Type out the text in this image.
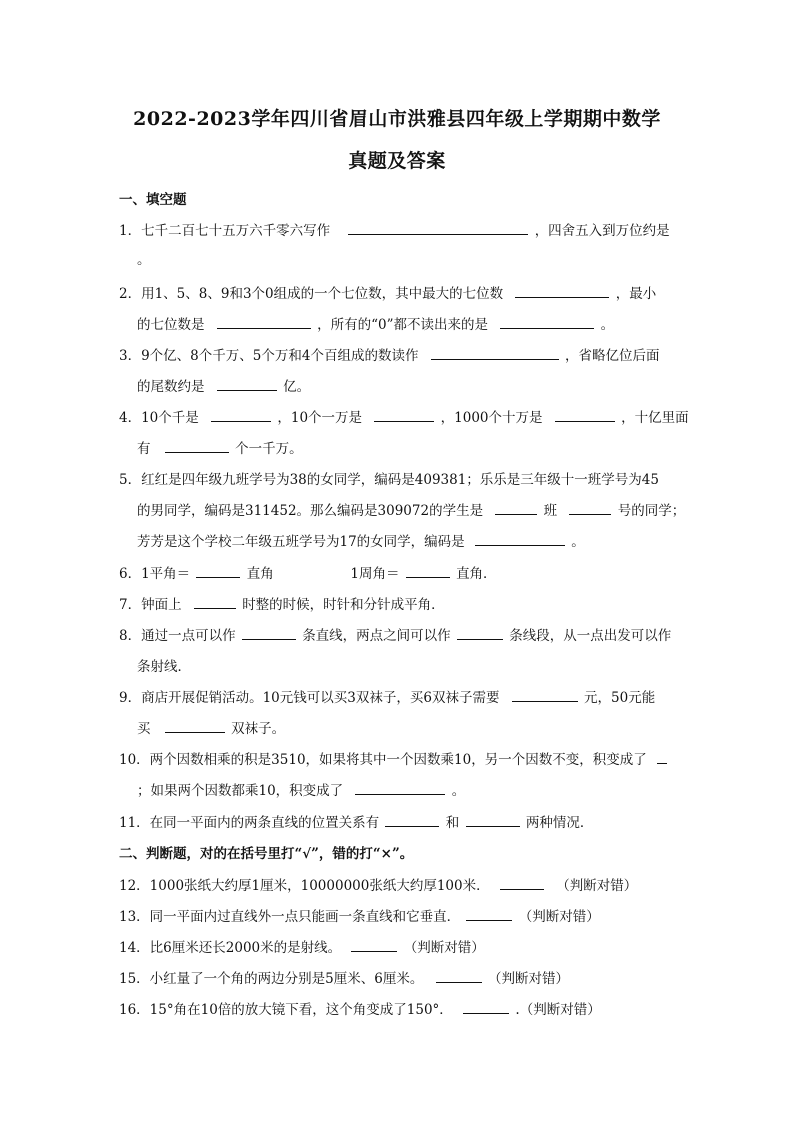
2022-2023学年四川省眉山市洪雅县四年级上学期期中数学
真题及答案
一、填空题
1．七千二百七十五万六千零六写作	，四舍五入到万位约是
。
2．用1、5、8、9和3个0组成的一个七位数，其中最大的七位数	，最小
的七位数是	，所有的“0”都不读出来的是	。
3．9个亿、8个千万、5个万和4个百组成的数读作	，省略亿位后面
的尾数约是	亿。
4．10个千是	，10个一万是	，1000个十万是	，十亿里面
有	个一千万。
5．红红是四年级九班学号为38的女同学，编码是409381；乐乐是三年级十一班学号为45
的男同学，编码是311452。那么编码是309072的学生是	班	号的同学；
芳芳是这个学校二年级五班学号为17的女同学，编码是	。
6．1平角＝	直角	1周角＝	直角．
7．钟面上	时整的时候，时针和分针成平角．
8．通过一点可以作	条直线，两点之间可以作	条线段，从一点出发可以作
条射线．
9．商店开展促销活动。10元钱可以买3双袜子，买6双袜子需要	元，50元能
买	双袜子。
10．两个因数相乘的积是3510，如果将其中一个因数乘10，另一个因数不变，积变成了
；如果两个因数都乘10，积变成了	。
11．在同一平面内的两条直线的位置关系有	和	两种情况．
二、判断题，对的在括号里打“√”，错的打“×”。
12．1000张纸大约厚1厘米，10000000张纸大约厚100米．	（判断对错）
13．同一平面内过直线外一点只能画一条直线和它垂直．	（判断对错）
14．比6厘米还长2000米的是射线。	（判断对错）
15．小红量了一个角的两边分别是5厘米、6厘米。	（判断对错）
16．15°角在10倍的放大镜下看，这个角变成了150°．	.（判断对错）
